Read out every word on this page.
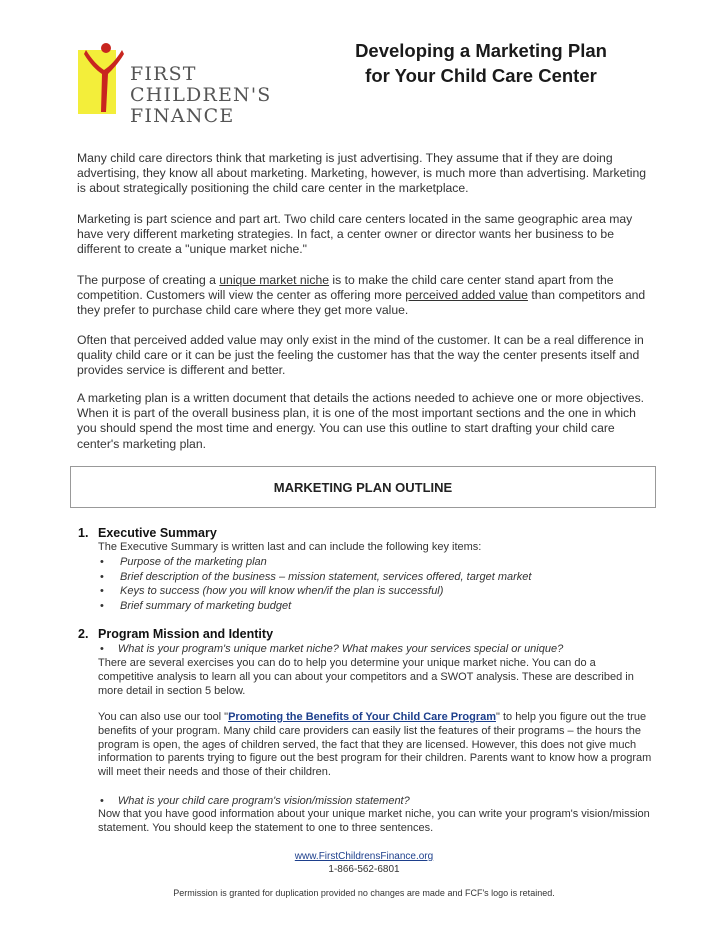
FIRST
CHILDREN'S
FINANCE
Developing a Marketing Plan
for Your Child Care Center
Many child care directors think that marketing is just advertising. They assume that if they are doing advertising, they know all about marketing. Marketing, however, is much more than advertising. Marketing is about strategically positioning the child care center in the marketplace.
Marketing is part science and part art. Two child care centers located in the same geographic area may have very different marketing strategies. In fact, a center owner or director wants her business to be different to create a "unique market niche."
The purpose of creating a unique market niche is to make the child care center stand apart from the competition. Customers will view the center as offering more perceived added value than competitors and they prefer to purchase child care where they get more value.
Often that perceived added value may only exist in the mind of the customer. It can be a real difference in quality child care or it can be just the feeling the customer has that the way the center presents itself and provides service is different and better.
A marketing plan is a written document that details the actions needed to achieve one or more objectives. When it is part of the overall business plan, it is one of the most important sections and the one in which you should spend the most time and energy. You can use this outline to start drafting your child care center's marketing plan.
MARKETING PLAN OUTLINE
1. Executive Summary
The Executive Summary is written last and can include the following key items:
• Purpose of the marketing plan
• Brief description of the business – mission statement, services offered, target market
• Keys to success (how you will know when/if the plan is successful)
• Brief summary of marketing budget
2. Program Mission and Identity
• What is your program's unique market niche? What makes your services special or unique?
There are several exercises you can do to help you determine your unique market niche. You can do a competitive analysis to learn all you can about your competitors and a SWOT analysis. These are described in more detail in section 5 below.
You can also use our tool "Promoting the Benefits of Your Child Care Program" to help you figure out the true benefits of your program. Many child care providers can easily list the features of their programs – the hours the program is open, the ages of children served, the fact that they are licensed. However, this does not give much information to parents trying to figure out the best program for their children. Parents want to know how a program will meet their needs and those of their children.
• What is your child care program's vision/mission statement?
Now that you have good information about your unique market niche, you can write your program's vision/mission statement. You should keep the statement to one to three sentences.
www.FirstChildrensFinance.org
1-866-562-6801
Permission is granted for duplication provided no changes are made and FCF's logo is retained.
